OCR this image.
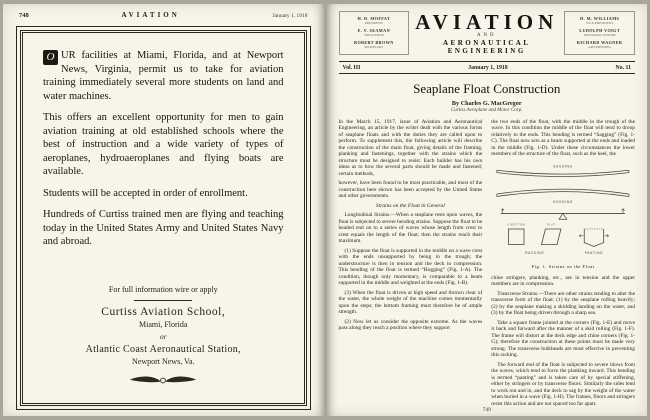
748	AVIATION	January 1, 1918

O UR facilities at Miami, Florida, and at Newport News, Virginia, permit us to take for aviation training immediately several more students on land and water machines.

This offers an excellent opportunity for men to gain aviation training at old established schools where the best of instruction and a wide variety of types of aeroplanes, hydroaeroplanes and flying boats are available.

Students will be accepted in order of enrollment.

Hundreds of Curtiss trained men are flying and teaching today in the United States Army and United States Navy and abroad.

For full information wire or apply
Curtiss Aviation School,
Miami, Florida
or
Atlantic Coast Aeronautical Station,
Newport News, Va.
H. D. MOFFAT
PRESIDENT
E. V. SEAMAN
TREASURER
ROBERT BROWN
SECRETARY
AVIATION
AND
AERONAUTICAL ENGINEERING
H. M. WILLIAMS
VICE-PRESIDENT
LUDOLPH VOIGT
MANAGING EDITOR
RICHARD WAGNER
ADVERTISING
Vol. III	January 1, 1918	No. 11
Seaplane Float Construction
By Charles G. MacGregor
Curtiss Aeroplane and Motor Corp.

In the March 15, 1917, issue of Aviation and Aeronautical Engineering, an article by the writer dealt with the various forms of seaplane floats and with the duties they are called upon to perform. To supplement this, the following article will describe the construction of the main float, giving details of the framing, planking and fastenings, together with the strains which the structure must be designed to resist. Each builder has his own ideas as to how the several parts should be made and fastened; certain methods,

however, have been found to be most practicable, and most of the construction here shown has been accepted by the United States and other governments.

Strains on the Float in General

Longitudinal Strains.—When a seaplane rests upon waves, the float is subjected to severe bending strains. Suppose the float to be headed end on to a series of waves whose length from crest to crest equals the length of the float; then the strains reach their maximum.

(1) Suppose the float is supported in the middle on a wave crest with the ends unsupported by being in the trough; the understructure is then in tension and the deck in compression. This bending of the float is termed “Hogging” (Fig. 1-A). The condition, though only momentary, is comparable to a beam supported in the middle and weighted at the ends (Fig. 1-B).

(3) When the float is driven at high speed and thrown clear of the water, the whole weight of the machine comes momentarily upon the steps; the bottom framing must therefore be of ample strength.

(2) Now let us consider the opposite extreme. As the waves pass along they reach a position where they support

the two ends of the float, with the middle in the trough of the wave. In this condition the middle of the float will tend to droop relatively to the ends. This bending is termed “Sagging” (Fig. 1-C). The float now acts as a beam supported at the ends and loaded in the middle (Fig. 1-D). Under these circumstances the lower members of the structure of the float, such as the keel, the

SAGGING
HOGGING
RACKING	PANTING
V BOTTOM	FLAT
Fig. 1. Strains on the Float

chine stringers, planking, etc., are in tension and the upper members are in compression.

Transverse Strains.—There are other strains tending to alter the transverse form of the float: (1) by the seaplane rolling heavily; (2) by the seaplane making a skidding landing on the water, and (3) by the float being driven through a sharp sea.

Take a square frame jointed at the corners (Fig. 1-E) and move it back and forward after the manner of a skid rolling (Fig. 1-F). The frame will distort at the deck edge and chine corners (Fig. 1-G); therefore the construction at these points must be made very strong. The transverse bulkheads are most effective in preventing this racking.

The forward end of the float is subjected to severe blows from the waves, which tend to force the planking inward. This bending is termed “panting” and is taken care of by special stiffening, either by stringers or by transverse floors. Similarly the sides tend to work out and in, and the deck to sag by the weight of the water when buried in a wave (Fig. 1-H). The frames, floors and stringers resist this action and are not spaced too far apart.

749
